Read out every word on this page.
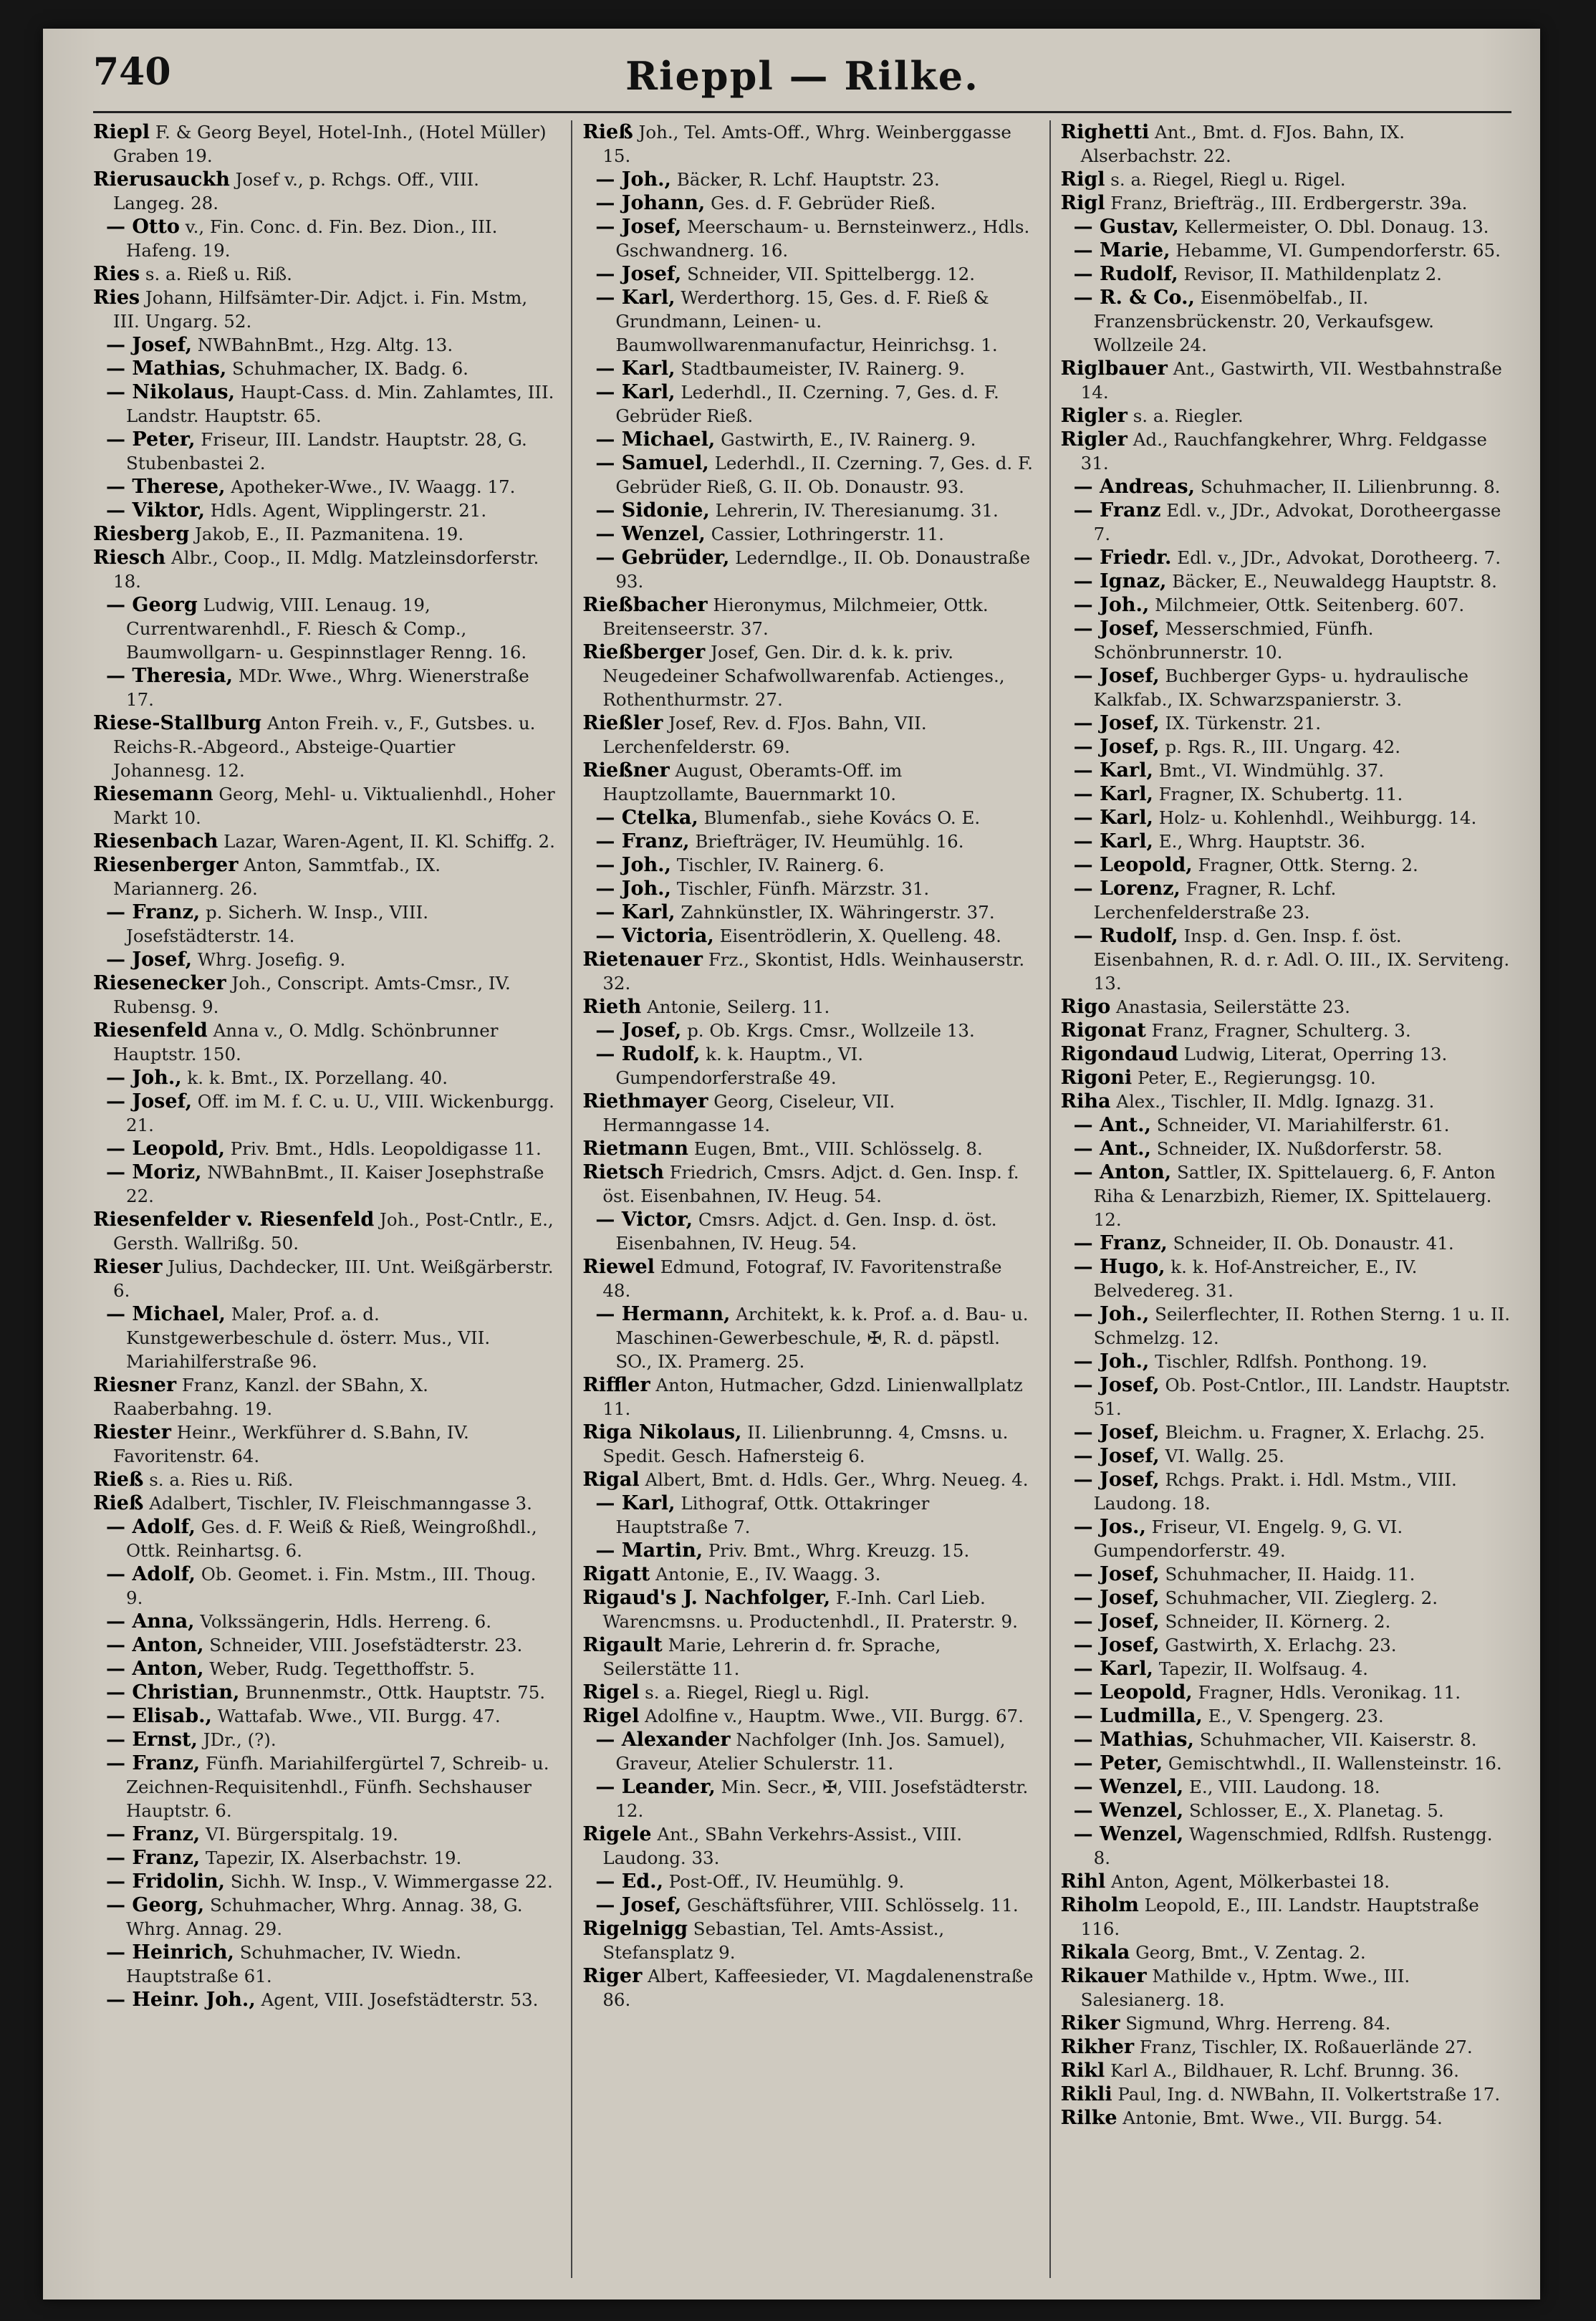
740	Rieppl — Rilke.

Riepl F. & Georg Beyel, Hotel-Inh., (Hotel Müller) Graben 19.

Rierusauckh Josef v., p. Rchgs. Off., VIII. Langeg. 28.

— Otto v., Fin. Conc. d. Fin. Bez. Dion., III. Hafeng. 19.

Ries s. a. Rieß u. Riß.

Ries Johann, Hilfsämter-Dir. Adjct. i. Fin. Mstm, III. Ungarg. 52.

— Josef, NWBahnBmt., Hzg. Altg. 13.

— Mathias, Schuhmacher, IX. Badg. 6.

— Nikolaus, Haupt-Cass. d. Min. Zahlamtes, III. Landstr. Hauptstr. 65.

— Peter, Friseur, III. Landstr. Hauptstr. 28, G. Stubenbastei 2.

— Therese, Apotheker-Wwe., IV. Waagg. 17.

— Viktor, Hdls. Agent, Wipplingerstr. 21.

Riesberg Jakob, E., II. Pazmanitena. 19.

Riesch Albr., Coop., II. Mdlg. Matzleinsdorferstr. 18.

— Georg Ludwig, VIII. Lenaug. 19, Currentwarenhdl., F. Riesch & Comp., Baumwollgarn- u. Gespinnstlager Renng. 16.

— Theresia, MDr. Wwe., Whrg. Wienerstraße 17.

Riese-Stallburg Anton Freih. v., F., Gutsbes. u. Reichs-R.-Abgeord., Absteige-Quartier Johannesg. 12.

Riesemann Georg, Mehl- u. Viktualienhdl., Hoher Markt 10.

Riesenbach Lazar, Waren-Agent, II. Kl. Schiffg. 2.

Riesenberger Anton, Sammtfab., IX. Mariannerg. 26.

— Franz, p. Sicherh. W. Insp., VIII. Josefstädterstr. 14.

— Josef, Whrg. Josefig. 9.

Riesenecker Joh., Conscript. Amts-Cmsr., IV. Rubensg. 9.

Riesenfeld Anna v., O. Mdlg. Schönbrunner Hauptstr. 150.

— Joh., k. k. Bmt., IX. Porzellang. 40.

— Josef, Off. im M. f. C. u. U., VIII. Wickenburgg. 21.

— Leopold, Priv. Bmt., Hdls. Leopoldigasse 11.

— Moriz, NWBahnBmt., II. Kaiser Josephstraße 22.

Riesenfelder v. Riesenfeld Joh., Post-Cntlr., E., Gersth. Wallrißg. 50.

Rieser Julius, Dachdecker, III. Unt. Weißgärberstr. 6.

— Michael, Maler, Prof. a. d. Kunstgewerbeschule d. österr. Mus., VII. Mariahilferstraße 96.

Riesner Franz, Kanzl. der SBahn, X. Raaberbahng. 19.

Riester Heinr., Werkführer d. S.Bahn, IV. Favoritenstr. 64.

Rieß s. a. Ries u. Riß.

Rieß Adalbert, Tischler, IV. Fleischmanngasse 3.

— Adolf, Ges. d. F. Weiß & Rieß, Weingroßhdl., Ottk. Reinhartsg. 6.

— Adolf, Ob. Geomet. i. Fin. Mstm., III. Thoug. 9.

— Anna, Volkssängerin, Hdls. Herreng. 6.

— Anton, Schneider, VIII. Josefstädterstr. 23.

— Anton, Weber, Rudg. Tegetthoffstr. 5.

— Christian, Brunnenmstr., Ottk. Hauptstr. 75.

— Elisab., Wattafab. Wwe., VII. Burgg. 47.

— Ernst, JDr., (?).

— Franz, Fünfh. Mariahilfergürtel 7, Schreib- u. Zeichnen-Requisitenhdl., Fünfh. Sechshauser Hauptstr. 6.

— Franz, VI. Bürgerspitalg. 19.

— Franz, Tapezir, IX. Alserbachstr. 19.

— Fridolin, Sichh. W. Insp., V. Wimmergasse 22.

— Georg, Schuhmacher, Whrg. Annag. 38, G. Whrg. Annag. 29.

— Heinrich, Schuhmacher, IV. Wiedn. Hauptstraße 61.

— Heinr. Joh., Agent, VIII. Josefstädterstr. 53.

Rieß Joh., Tel. Amts-Off., Whrg. Weinberggasse 15.

— Joh., Bäcker, R. Lchf. Hauptstr. 23.

— Johann, Ges. d. F. Gebrüder Rieß.

— Josef, Meerschaum- u. Bernsteinwerz., Hdls. Gschwandnerg. 16.

— Josef, Schneider, VII. Spittelbergg. 12.

— Karl, Werderthorg. 15, Ges. d. F. Rieß & Grundmann, Leinen- u. Baumwollwarenmanufactur, Heinrichsg. 1.

— Karl, Stadtbaumeister, IV. Rainerg. 9.

— Karl, Lederhdl., II. Czerning. 7, Ges. d. F. Gebrüder Rieß.

— Michael, Gastwirth, E., IV. Rainerg. 9.

— Samuel, Lederhdl., II. Czerning. 7, Ges. d. F. Gebrüder Rieß, G. II. Ob. Donaustr. 93.

— Sidonie, Lehrerin, IV. Theresianumg. 31.

— Wenzel, Cassier, Lothringerstr. 11.

— Gebrüder, Lederndlge., II. Ob. Donaustraße 93.

Rießbacher Hieronymus, Milchmeier, Ottk. Breitenseerstr. 37.

Rießberger Josef, Gen. Dir. d. k. k. priv. Neugedeiner Schafwollwarenfab. Actienges., Rothenthurmstr. 27.

Rießler Josef, Rev. d. FJos. Bahn, VII. Lerchenfelderstr. 69.

Rießner August, Oberamts-Off. im Hauptzollamte, Bauernmarkt 10.

— Ctelka, Blumenfab., siehe Kovács O. E.

— Franz, Briefträger, IV. Heumühlg. 16.

— Joh., Tischler, IV. Rainerg. 6.

— Joh., Tischler, Fünfh. Märzstr. 31.

— Karl, Zahnkünstler, IX. Währingerstr. 37.

— Victoria, Eisentrödlerin, X. Quelleng. 48.

Rietenauer Frz., Skontist, Hdls. Weinhauserstr. 32.

Rieth Antonie, Seilerg. 11.

— Josef, p. Ob. Krgs. Cmsr., Wollzeile 13.

— Rudolf, k. k. Hauptm., VI. Gumpendorferstraße 49.

Riethmayer Georg, Ciseleur, VII. Hermanngasse 14.

Rietmann Eugen, Bmt., VIII. Schlösselg. 8.

Rietsch Friedrich, Cmsrs. Adjct. d. Gen. Insp. f. öst. Eisenbahnen, IV. Heug. 54.

— Victor, Cmsrs. Adjct. d. Gen. Insp. d. öst. Eisenbahnen, IV. Heug. 54.

Riewel Edmund, Fotograf, IV. Favoritenstraße 48.

— Hermann, Architekt, k. k. Prof. a. d. Bau- u. Maschinen-Gewerbeschule, ✠, R. d. päpstl. SO., IX. Pramerg. 25.

Riffler Anton, Hutmacher, Gdzd. Linienwallplatz 11.

Riga Nikolaus, II. Lilienbrunng. 4, Cmsns. u. Spedit. Gesch. Hafnersteig 6.

Rigal Albert, Bmt. d. Hdls. Ger., Whrg. Neueg. 4.

— Karl, Lithograf, Ottk. Ottakringer Hauptstraße 7.

— Martin, Priv. Bmt., Whrg. Kreuzg. 15.

Rigatt Antonie, E., IV. Waagg. 3.

Rigaud's J. Nachfolger, F.-Inh. Carl Lieb. Warencmsns. u. Productenhdl., II. Praterstr. 9.

Rigault Marie, Lehrerin d. fr. Sprache, Seilerstätte 11.

Rigel s. a. Riegel, Riegl u. Rigl.

Rigel Adolfine v., Hauptm. Wwe., VII. Burgg. 67.

— Alexander Nachfolger (Inh. Jos. Samuel), Graveur, Atelier Schulerstr. 11.

— Leander, Min. Secr., ✠, VIII. Josefstädterstr. 12.

Rigele Ant., SBahn Verkehrs-Assist., VIII. Laudong. 33.

— Ed., Post-Off., IV. Heumühlg. 9.

— Josef, Geschäftsführer, VIII. Schlösselg. 11.

Rigelnigg Sebastian, Tel. Amts-Assist., Stefansplatz 9.

Riger Albert, Kaffeesieder, VI. Magdalenenstraße 86.

Righetti Ant., Bmt. d. FJos. Bahn, IX. Alserbachstr. 22.

Rigl s. a. Riegel, Riegl u. Rigel.

Rigl Franz, Briefträg., III. Erdbergerstr. 39a.

— Gustav, Kellermeister, O. Dbl. Donaug. 13.

— Marie, Hebamme, VI. Gumpendorferstr. 65.

— Rudolf, Revisor, II. Mathildenplatz 2.

— R. & Co., Eisenmöbelfab., II. Franzensbrückenstr. 20, Verkaufsgew. Wollzeile 24.

Riglbauer Ant., Gastwirth, VII. Westbahnstraße 14.

Rigler s. a. Riegler.

Rigler Ad., Rauchfangkehrer, Whrg. Feldgasse 31.

— Andreas, Schuhmacher, II. Lilienbrunng. 8.

— Franz Edl. v., JDr., Advokat, Dorotheergasse 7.

— Friedr. Edl. v., JDr., Advokat, Dorotheerg. 7.

— Ignaz, Bäcker, E., Neuwaldegg Hauptstr. 8.

— Joh., Milchmeier, Ottk. Seitenberg. 607.

— Josef, Messerschmied, Fünfh. Schönbrunnerstr. 10.

— Josef, Buchberger Gyps- u. hydraulische Kalkfab., IX. Schwarzspanierstr. 3.

— Josef, IX. Türkenstr. 21.

— Josef, p. Rgs. R., III. Ungarg. 42.

— Karl, Bmt., VI. Windmühlg. 37.

— Karl, Fragner, IX. Schubertg. 11.

— Karl, Holz- u. Kohlenhdl., Weihburgg. 14.

— Karl, E., Whrg. Hauptstr. 36.

— Leopold, Fragner, Ottk. Sterng. 2.

— Lorenz, Fragner, R. Lchf. Lerchenfelderstraße 23.

— Rudolf, Insp. d. Gen. Insp. f. öst. Eisenbahnen, R. d. r. Adl. O. III., IX. Serviteng. 13.

Rigo Anastasia, Seilerstätte 23.

Rigonat Franz, Fragner, Schulterg. 3.

Rigondaud Ludwig, Literat, Operring 13.

Rigoni Peter, E., Regierungsg. 10.

Riha Alex., Tischler, II. Mdlg. Ignazg. 31.

— Ant., Schneider, VI. Mariahilferstr. 61.

— Ant., Schneider, IX. Nußdorferstr. 58.

— Anton, Sattler, IX. Spittelauerg. 6, F. Anton Riha & Lenarzbizh, Riemer, IX. Spittelauerg. 12.

— Franz, Schneider, II. Ob. Donaustr. 41.

— Hugo, k. k. Hof-Anstreicher, E., IV. Belvedereg. 31.

— Joh., Seilerflechter, II. Rothen Sterng. 1 u. II. Schmelzg. 12.

— Joh., Tischler, Rdlfsh. Ponthong. 19.

— Josef, Ob. Post-Cntlor., III. Landstr. Hauptstr. 51.

— Josef, Bleichm. u. Fragner, X. Erlachg. 25.

— Josef, VI. Wallg. 25.

— Josef, Rchgs. Prakt. i. Hdl. Mstm., VIII. Laudong. 18.

— Jos., Friseur, VI. Engelg. 9, G. VI. Gumpendorferstr. 49.

— Josef, Schuhmacher, II. Haidg. 11.

— Josef, Schuhmacher, VII. Zieglerg. 2.

— Josef, Schneider, II. Körnerg. 2.

— Josef, Gastwirth, X. Erlachg. 23.

— Karl, Tapezir, II. Wolfsaug. 4.

— Leopold, Fragner, Hdls. Veronikag. 11.

— Ludmilla, E., V. Spengerg. 23.

— Mathias, Schuhmacher, VII. Kaiserstr. 8.

— Peter, Gemischtwhdl., II. Wallensteinstr. 16.

— Wenzel, E., VIII. Laudong. 18.

— Wenzel, Schlosser, E., X. Planetag. 5.

— Wenzel, Wagenschmied, Rdlfsh. Rustengg. 8.

Rihl Anton, Agent, Mölkerbastei 18.

Riholm Leopold, E., III. Landstr. Hauptstraße 116.

Rikala Georg, Bmt., V. Zentag. 2.

Rikauer Mathilde v., Hptm. Wwe., III. Salesianerg. 18.

Riker Sigmund, Whrg. Herreng. 84.

Rikher Franz, Tischler, IX. Roßauerlände 27.

Rikl Karl A., Bildhauer, R. Lchf. Brunng. 36.

Rikli Paul, Ing. d. NWBahn, II. Volkertstraße 17.

Rilke Antonie, Bmt. Wwe., VII. Burgg. 54.
